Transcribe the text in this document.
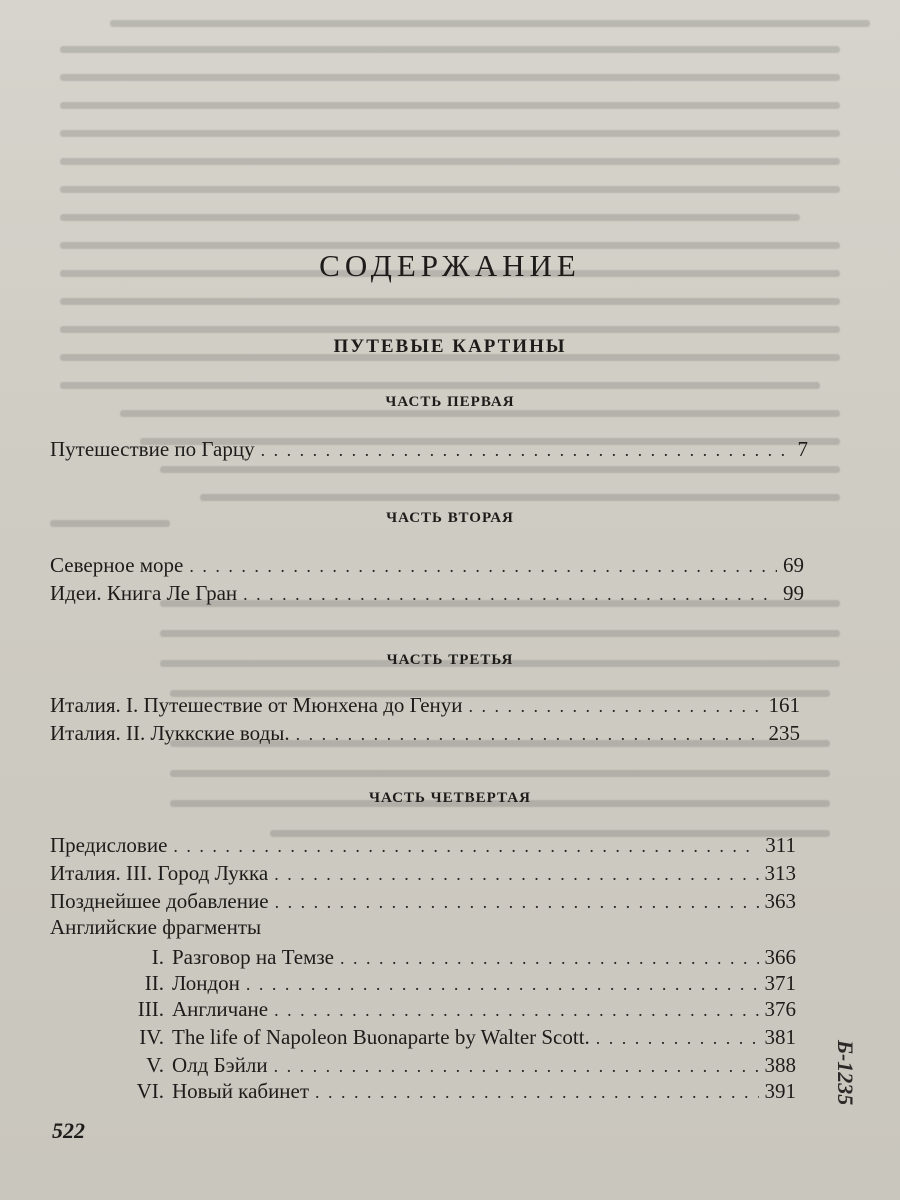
СОДЕРЖАНИЕ
ПУТЕВЫЕ КАРТИНЫ
ЧАСТЬ ПЕРВАЯ
Путешествие по Гарцу . . .	7
ЧАСТЬ ВТОРАЯ
Северное море . . .	69
Идеи. Книга Ле Гран . . .	99
ЧАСТЬ ТРЕТЬЯ
Италия. I. Путешествие от Мюнхена до Генуи . . .	161
Италия. II. Луккские воды. . . .	235
ЧАСТЬ ЧЕТВЕРТАЯ
Предисловие . . .	311
Италия. III. Город Лукка . . .	313
Позднейшее добавление . . .	363
Английские фрагменты
I. Разговор на Темзе . . .	366
II. Лондон . . .	371
III. Англичане . . .	376
IV. The life of Napoleon Buonaparte by Walter Scott. . . .	381
V. Олд Бэйли . . .	388
VI. Новый кабинет . . .	391
522
Б-1235
